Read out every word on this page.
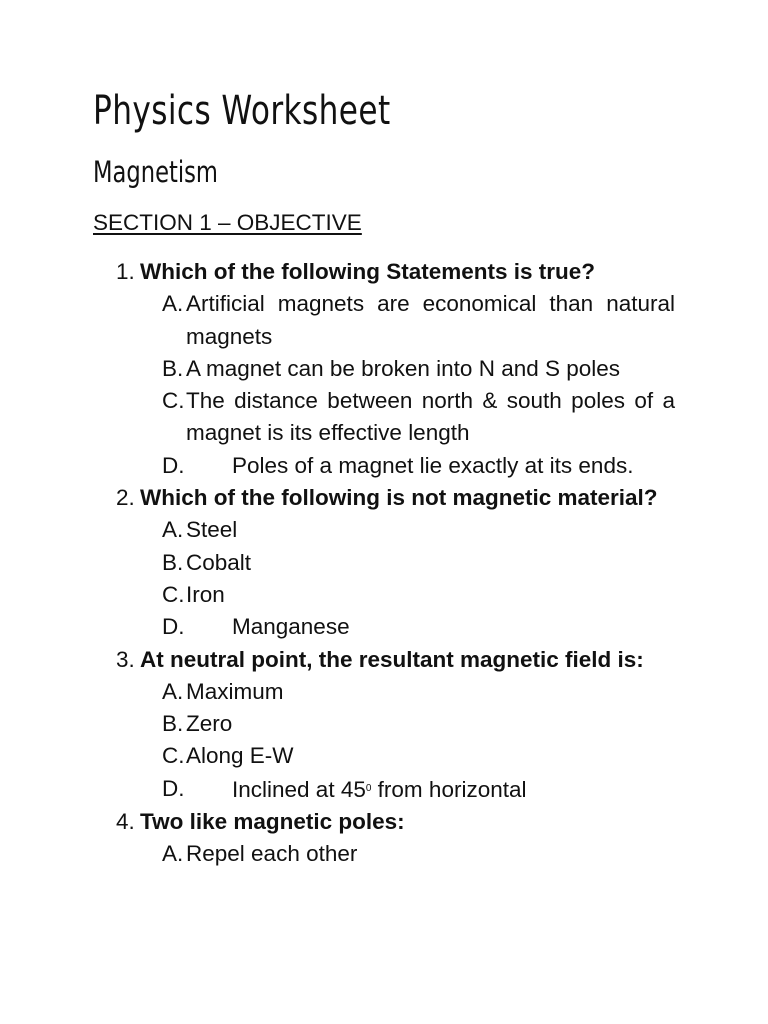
Physics Worksheet
Magnetism
SECTION 1 – OBJECTIVE
1. Which of the following Statements is true?
A. Artificial magnets are economical than natural magnets
B. A magnet can be broken into N and S poles
C. The distance between north & south poles of a magnet is its effective length
D. Poles of a magnet lie exactly at its ends.
2. Which of the following is not magnetic material?
A. Steel
B. Cobalt
C. Iron
D. Manganese
3. At neutral point, the resultant magnetic field is:
A. Maximum
B. Zero
C. Along E-W
D. Inclined at $45^0$ from horizontal
4. Two like magnetic poles:
A. Repel each other
